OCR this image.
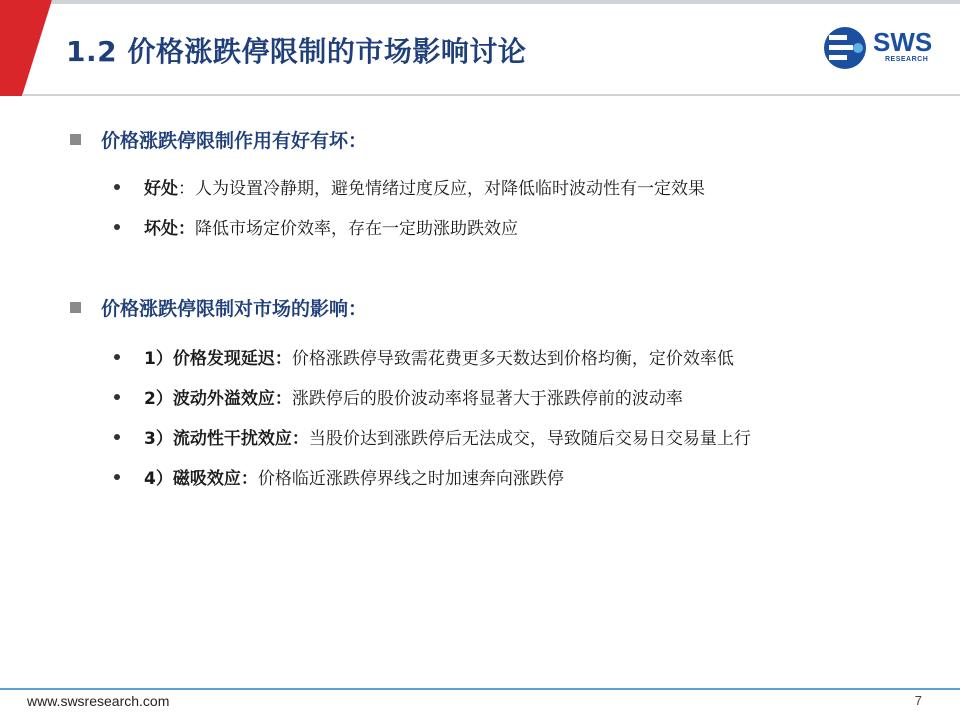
1.2 价格涨跌停限制的市场影响讨论	SWS
RESEARCH
价格涨跌停限制作用有好有坏：
好处 ： 人为设置冷静期，避免情绪过度反应，对降低临时波动性有一定效果
坏处： 降低市场定价效率，存在一定助涨助跌效应
价格涨跌停限制对市场的影响：
1）价格发现延迟： 价格涨跌停导致需花费更多天数达到价格均衡，定价效率低
2）波动外溢效应： 涨跌停后的股价波动率将显著大于涨跌停前的波动率
3）流动性干扰效应： 当股价达到涨跌停后无法成交，导致随后交易日交易量上行
4）磁吸效应： 价格临近涨跌停界线之时加速奔向涨跌停
www.swsresearch.com	7
